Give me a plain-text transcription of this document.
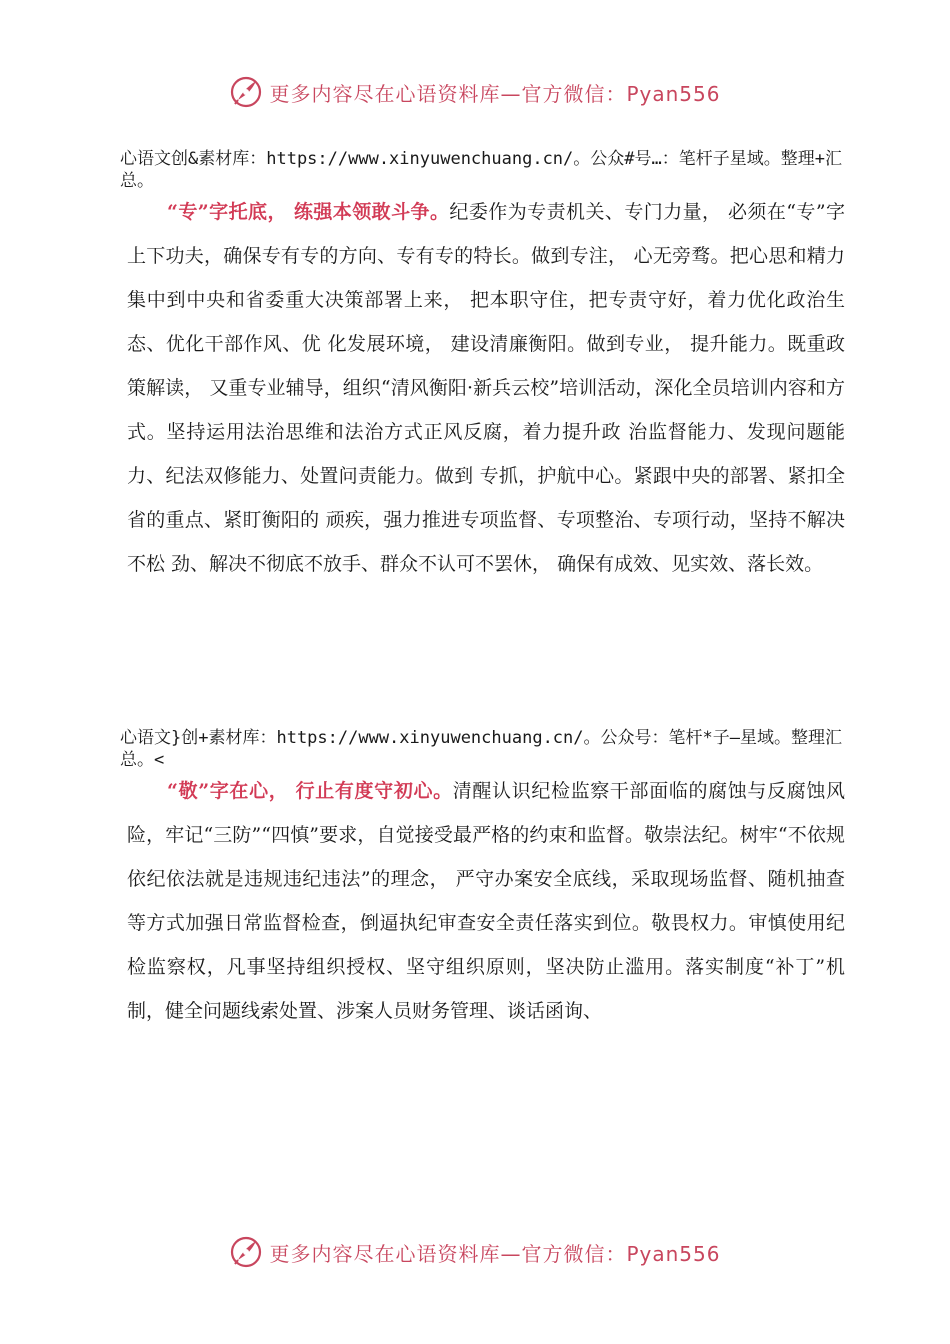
更多内容尽在心语资料库—官方微信：Pyan556
心语文创&素材库：https://www.xinyuwenchuang.cn/。公众#号…：笔杆子星域。整理+汇总。
“专”字托底， 练强本领敢斗争。纪委作为专责机关、专门力量， 必须在“专”字上下功夫，确保专有专的方向、专有专的特长。做到专注， 心无旁骛。把心思和精力集中到中央和省委重大决策部署上来， 把本职守住，把专责守好，着力优化政治生态、优化干部作风、优 化发展环境， 建设清廉衡阳。做到专业， 提升能力。既重政策解读， 又重专业辅导，组织“清风衡阳·新兵云校”培训活动，深化全员培训内容和方式。坚持运用法治思维和法治方式正风反腐，着力提升政 治监督能力、发现问题能力、纪法双修能力、处置问责能力。做到 专抓，护航中心。紧跟中央的部署、紧扣全省的重点、紧盯衡阳的 顽疾，强力推进专项监督、专项整治、专项行动，坚持不解决不松 劲、解决不彻底不放手、群众不认可不罢休， 确保有成效、见实效、落长效。
心语文}创+素材库：https://www.xinyuwenchuang.cn/。公众号：笔杆*子—星域。整理汇总。<
“敬”字在心， 行止有度守初心。清醒认识纪检监察干部面临的腐蚀与反腐蚀风险，牢记“三防”“四慎”要求，自觉接受最严格的约束和监督。敬崇法纪。树牢“不依规依纪依法就是违规违纪违法”的理念， 严守办案安全底线，采取现场监督、随机抽查等方式加强日常监督检查，倒逼执纪审查安全责任落实到位。敬畏权力。审慎使用纪检监察权，凡事坚持组织授权、坚守组织原则，坚决防止滥用。落实制度“补丁”机制，健全问题线索处置、涉案人员财务管理、谈话函询、
更多内容尽在心语资料库—官方微信：Pyan556
